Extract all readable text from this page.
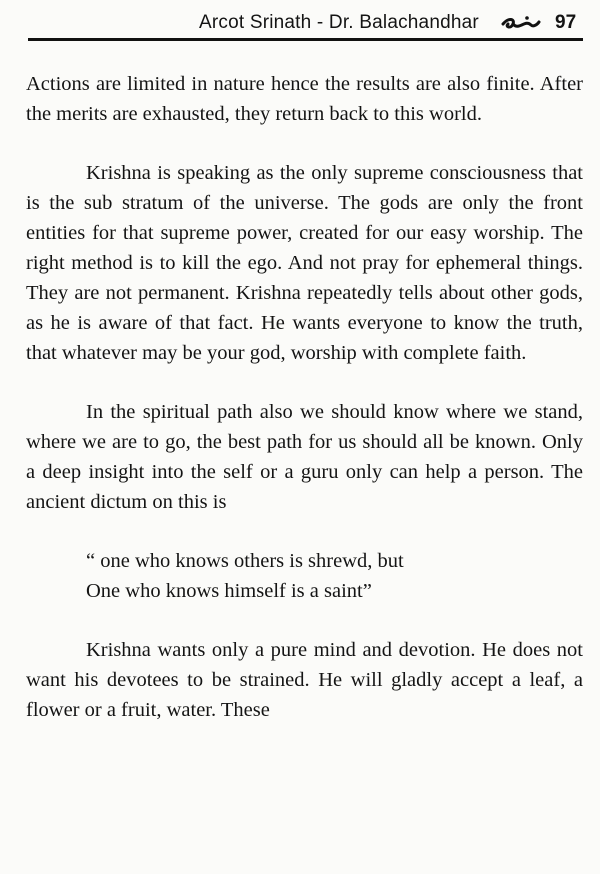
Arcot Srinath - Dr. Balachandhar	97

Actions are limited in nature hence the results are also finite. After the merits are exhausted, they return back to this world.

Krishna is speaking as the only supreme consciousness that is the sub stratum of the universe. The gods are only the front entities for that supreme power, created for our easy worship. The right method is to kill the ego. And not pray for ephemeral things. They are not permanent. Krishna repeatedly tells about other gods, as he is aware of that fact. He wants everyone to know the truth, that whatever may be your god, worship with complete faith.

In the spiritual path also we should know where we stand, where we are to go, the best path for us should all be known. Only a deep insight into the self or a guru only can help a person. The ancient dictum on this is

“ one who knows others is shrewd, but
One who knows himself is a saint”

Krishna wants only a pure mind and devotion. He does not want his devotees to be strained. He will gladly accept a leaf, a flower or a fruit, water. These
